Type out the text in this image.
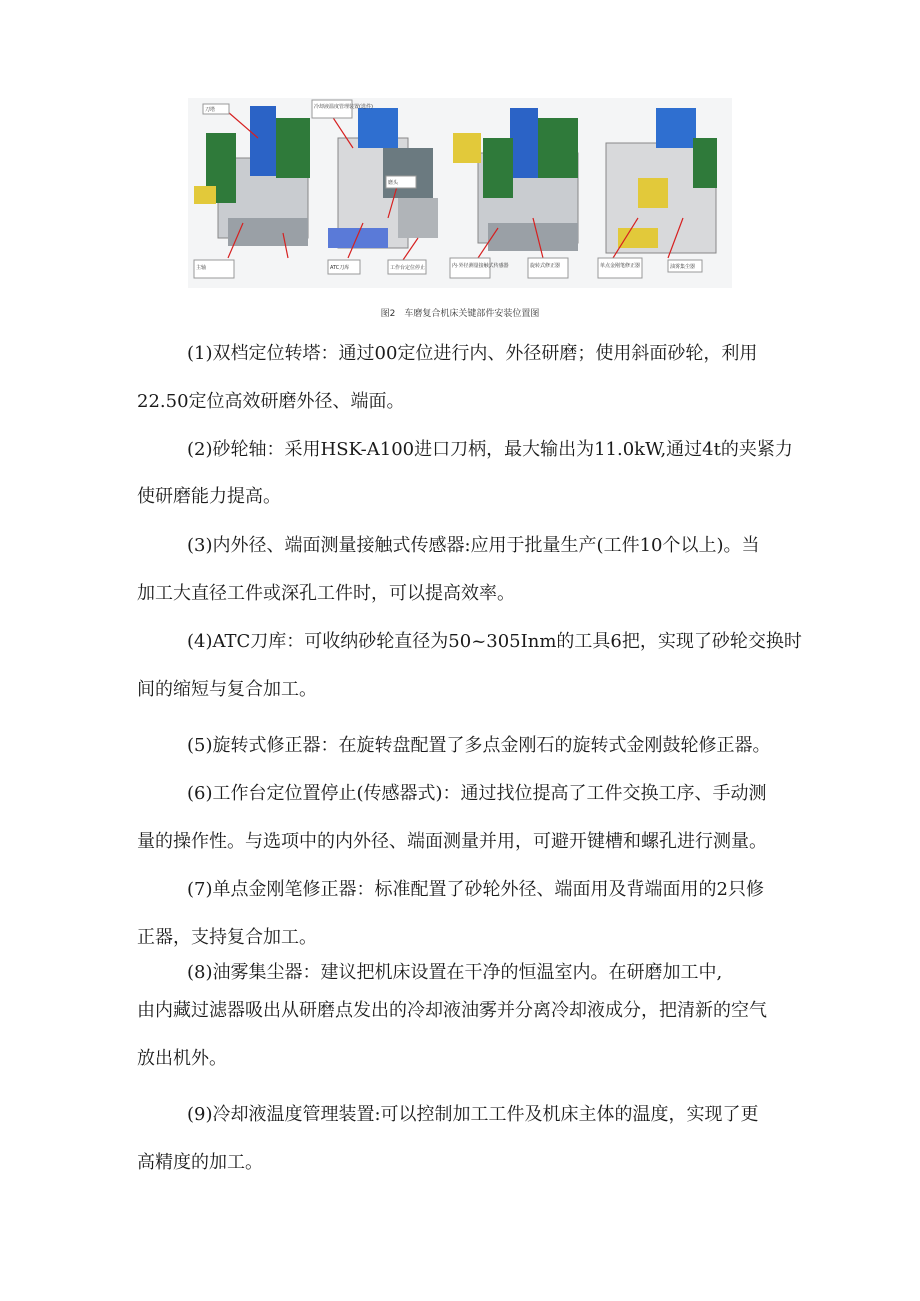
刀塔	冷却液温度管理装置(选件)
ATC刀库
磨头
工作台定位停止
主轴	内·外径测量接触式传感器	旋转式修正器	单点金刚笔修正器	油雾集尘器
图2　车磨复合机床关键部件安装位置图
(1)双档定位转塔：通过00定位进行内、外径研磨；使用斜面砂轮，利用
22.50定位高效研磨外径、端面。
(2)砂轮轴：采用HSK-A100进口刀柄，最大输出为11.0kW,通过4t的夹紧力
使研磨能力提高。
(3)内外径、端面测量接触式传感器:应用于批量生产(工件10个以上)。当
加工大直径工件或深孔工件时，可以提高效率。
(4)ATC刀库：可收纳砂轮直径为50~305Inm的工具6把，实现了砂轮交换时
间的缩短与复合加工。
(5)旋转式修正器：在旋转盘配置了多点金刚石的旋转式金刚鼓轮修正器。
(6)工作台定位置停止(传感器式)：通过找位提高了工件交换工序、手动测
量的操作性。与选项中的内外径、端面测量并用，可避开键槽和螺孔进行测量。
(7)单点金刚笔修正器：标准配置了砂轮外径、端面用及背端面用的2只修
正器，支持复合加工。
(8)油雾集尘器：建议把机床设置在干净的恒温室内。在研磨加工中,
由内藏过滤器吸出从研磨点发出的冷却液油雾并分离冷却液成分，把清新的空气
放出机外。
(9)冷却液温度管理装置:可以控制加工工件及机床主体的温度，实现了更
高精度的加工。
